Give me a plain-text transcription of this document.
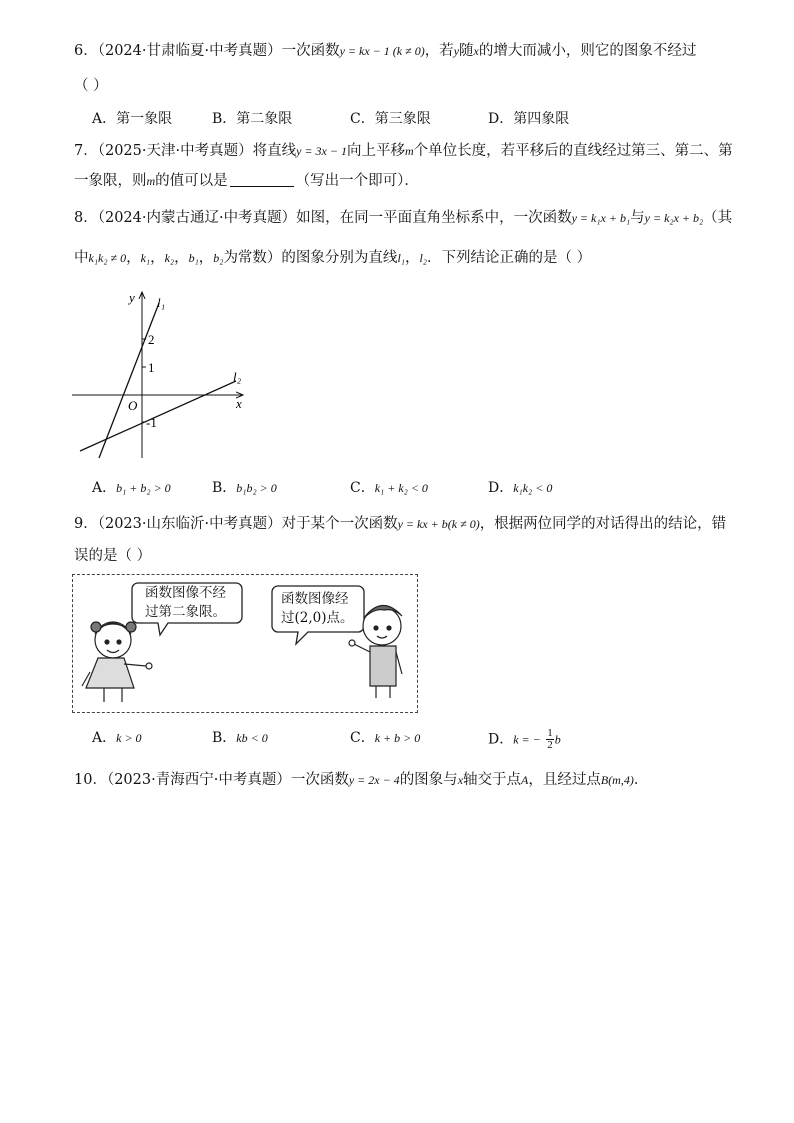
6．（2024·甘肃临夏·中考真题）一次函数y = kx − 1 (k ≠ 0)，若y随x的增大而减小，则它的图象不经过
（ ）
A．第一象限	B．第二象限	C．第三象限	D．第四象限
7．（2025·天津·中考真题）将直线y = 3x − 1向上平移m个单位长度，若平移后的直线经过第三、第二、第
一象限，则m的值可以是	（写出一个即可）．
8．（2024·内蒙古通辽·中考真题）如图，在同一平面直角坐标系中，一次函数y = k₁x + b₁与y = k₂x + b₂（其
中k₁k₂ ≠ 0，k₁，k₂，b₁，b₂为常数）的图象分别为直线l₁，l₂．下列结论正确的是（ ）
y
x
O
2
1
-1
l₁
l₂
A．b₁ + b₂ > 0	B．b₁b₂ > 0	C．k₁ + k₂ < 0	D．k₁k₂ < 0
9．（2023·山东临沂·中考真题）对于某个一次函数y = kx + b(k ≠ 0)，根据两位同学的对话得出的结论，错
误的是（ ）
函数图像不经
过第二象限。
函数图像经
过(2,0)点。
A．k > 0	B．kb < 0	C．k + b > 0	D．k = − $\frac{1}{2}$ b
10．（2023·青海西宁·中考真题）一次函数y = 2x − 4的图象与x轴交于点A，且经过点B(m,4)．
